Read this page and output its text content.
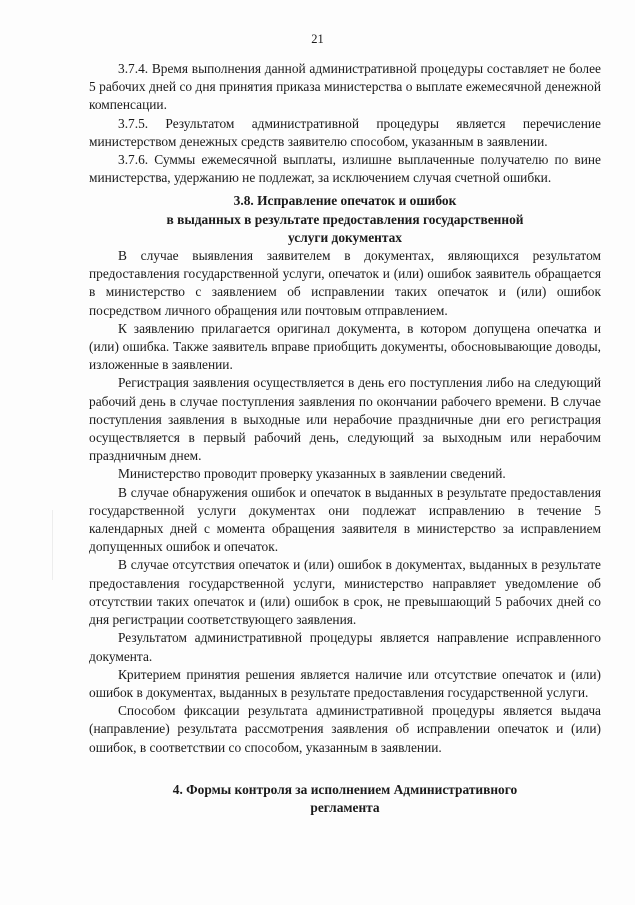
21

3.7.4. Время выполнения данной административной процедуры составляет не более 5 рабочих дней со дня принятия приказа министерства о выплате ежемесячной денежной компенсации.

3.7.5. Результатом административной процедуры является перечисление министерством денежных средств заявителю способом, указанным в заявлении.

3.7.6. Суммы ежемесячной выплаты, излишне выплаченные получателю по вине министерства, удержанию не подлежат, за исключением случая счетной ошибки.

3.8. Исправление опечаток и ошибок
в выданных в результате предоставления государственной
услуги документах

В случае выявления заявителем в документах, являющихся результатом предоставления государственной услуги, опечаток и (или) ошибок заявитель обращается в министерство с заявлением об исправлении таких опечаток и (или) ошибок посредством личного обращения или почтовым отправлением.

К заявлению прилагается оригинал документа, в котором допущена опечатка и (или) ошибка. Также заявитель вправе приобщить документы, обосновывающие доводы, изложенные в заявлении.

Регистрация заявления осуществляется в день его поступления либо на следующий рабочий день в случае поступления заявления по окончании рабочего времени. В случае поступления заявления в выходные или нерабочие праздничные дни его регистрация осуществляется в первый рабочий день, следующий за выходным или нерабочим праздничным днем.

Министерство проводит проверку указанных в заявлении сведений.

В случае обнаружения ошибок и опечаток в выданных в результате предоставления государственной услуги документах они подлежат исправлению в течение 5 календарных дней с момента обращения заявителя в министерство за исправлением допущенных ошибок и опечаток.

В случае отсутствия опечаток и (или) ошибок в документах, выданных в результате предоставления государственной услуги, министерство направляет уведомление об отсутствии таких опечаток и (или) ошибок в срок, не превышающий 5 рабочих дней со дня регистрации соответствующего заявления.

Результатом административной процедуры является направление исправленного документа.

Критерием принятия решения является наличие или отсутствие опечаток и (или) ошибок в документах, выданных в результате предоставления государственной услуги.

Способом фиксации результата административной процедуры является выдача (направление) результата рассмотрения заявления об исправлении опечаток и (или) ошибок, в соответствии со способом, указанным в заявлении.

4. Формы контроля за исполнением Административного
регламента
